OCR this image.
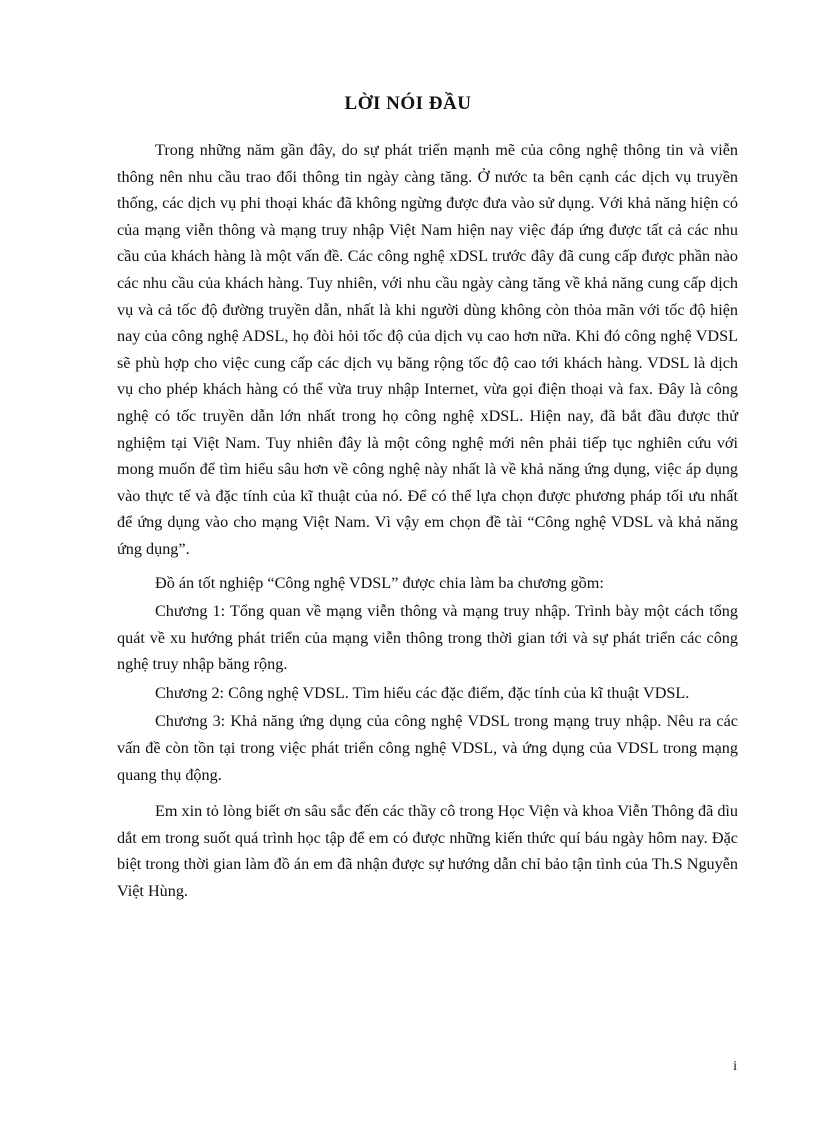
LỜI NÓI ĐẦU

Trong những năm gần đây, do sự phát triển mạnh mẽ của công nghệ thông tin và viễn thông nên nhu cầu trao đổi thông tin ngày càng tăng. Ở nước ta bên cạnh các dịch vụ truyền thống, các dịch vụ phi thoại khác đã không ngừng được đưa vào sử dụng. Với khả năng hiện có của mạng viễn thông và mạng truy nhập Việt Nam hiện nay việc đáp ứng được tất cả các nhu cầu của khách hàng là một vấn đề. Các công nghệ xDSL trước đây đã cung cấp được phần nào các nhu cầu của khách hàng. Tuy nhiên, với nhu cầu ngày càng tăng về khả năng cung cấp dịch vụ và cả tốc độ đường truyền dẫn, nhất là khi người dùng không còn thỏa mãn với tốc độ hiện nay của công nghệ ADSL, họ đòi hỏi tốc độ của dịch vụ cao hơn nữa. Khi đó công nghệ VDSL sẽ phù hợp cho việc cung cấp các dịch vụ băng rộng tốc độ cao tới khách hàng. VDSL là dịch vụ cho phép khách hàng có thể vừa truy nhập Internet, vừa gọi điện thoại và fax. Đây là công nghệ có tốc truyền dẫn lớn nhất trong họ công nghệ xDSL. Hiện nay, đã bắt đầu được thử nghiệm tại Việt Nam. Tuy nhiên đây là một công nghệ mới nên phải tiếp tục nghiên cứu với mong muốn để tìm hiểu sâu hơn về công nghệ này nhất là về khả năng ứng dụng, việc áp dụng vào thực tế và đặc tính của kĩ thuật của nó. Để có thể lựa chọn được phương pháp tối ưu nhất để ứng dụng vào cho mạng Việt Nam. Vì vậy em chọn đề tài “Công nghệ VDSL và khả năng ứng dụng”.

Đồ án tốt nghiệp “Công nghệ VDSL” được chia làm ba chương gồm:

Chương 1: Tổng quan về mạng viễn thông và mạng truy nhập. Trình bày một cách tổng quát về xu hướng phát triển của mạng viễn thông trong thời gian tới và sự phát triển các công nghệ truy nhập băng rộng.

Chương 2: Công nghệ VDSL. Tìm hiểu các đặc điểm, đặc tính của kĩ thuật VDSL.

Chương 3: Khả năng ứng dụng của công nghệ VDSL trong mạng truy nhập. Nêu ra các vấn đề còn tồn tại trong việc phát triển công nghệ VDSL, và ứng dụng của VDSL trong mạng quang thụ động.

Em xin tỏ lòng biết ơn sâu sắc đến các thầy cô trong Học Viện và khoa Viễn Thông đã dìu dắt em trong suốt quá trình học tập để em có được những kiến thức quí báu ngày hôm nay. Đặc biệt trong thời gian làm đồ án em đã nhận được sự hướng dẫn chỉ bảo tận tình của Th.S Nguyễn Việt Hùng.

i
